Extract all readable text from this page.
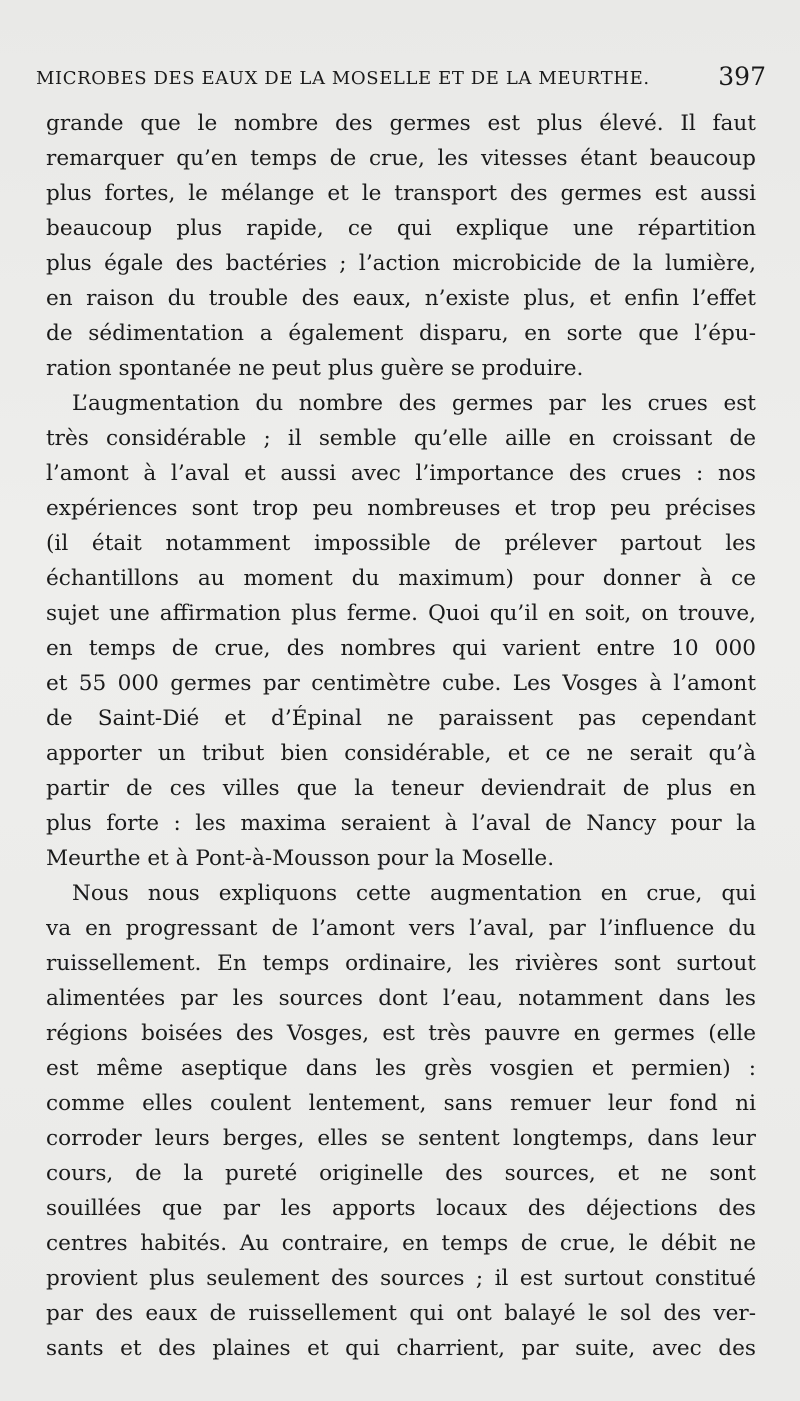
MICROBES DES EAUX DE LA MOSELLE ET DE LA MEURTHE.	397
grande que le nombre des germes est plus élevé. Il faut
remarquer qu’en temps de crue, les vitesses étant beaucoup
plus fortes, le mélange et le transport des germes est aussi
beaucoup plus rapide, ce qui explique une répartition
plus égale des bactéries ; l’action microbicide de la lumière,
en raison du trouble des eaux, n’existe plus, et enfin l’effet
de sédimentation a également disparu, en sorte que l’épu-
ration spontanée ne peut plus guère se produire.
L’augmentation du nombre des germes par les crues est
très considérable ; il semble qu’elle aille en croissant de
l’amont à l’aval et aussi avec l’importance des crues : nos
expériences sont trop peu nombreuses et trop peu précises
(il était notamment impossible de prélever partout les
échantillons au moment du maximum) pour donner à ce
sujet une affirmation plus ferme. Quoi qu’il en soit, on trouve,
en temps de crue, des nombres qui varient entre 10 000
et 55 000 germes par centimètre cube. Les Vosges à l’amont
de Saint-Dié et d’Épinal ne paraissent pas cependant
apporter un tribut bien considérable, et ce ne serait qu’à
partir de ces villes que la teneur deviendrait de plus en
plus forte : les maxima seraient à l’aval de Nancy pour la
Meurthe et à Pont-à-Mousson pour la Moselle.
Nous nous expliquons cette augmentation en crue, qui
va en progressant de l’amont vers l’aval, par l’influence du
ruissellement. En temps ordinaire, les rivières sont surtout
alimentées par les sources dont l’eau, notamment dans les
régions boisées des Vosges, est très pauvre en germes (elle
est même aseptique dans les grès vosgien et permien) :
comme elles coulent lentement, sans remuer leur fond ni
corroder leurs berges, elles se sentent longtemps, dans leur
cours, de la pureté originelle des sources, et ne sont
souillées que par les apports locaux des déjections des
centres habités. Au contraire, en temps de crue, le débit ne
provient plus seulement des sources ; il est surtout constitué
par des eaux de ruissellement qui ont balayé le sol des ver-
sants et des plaines et qui charrient, par suite, avec des
